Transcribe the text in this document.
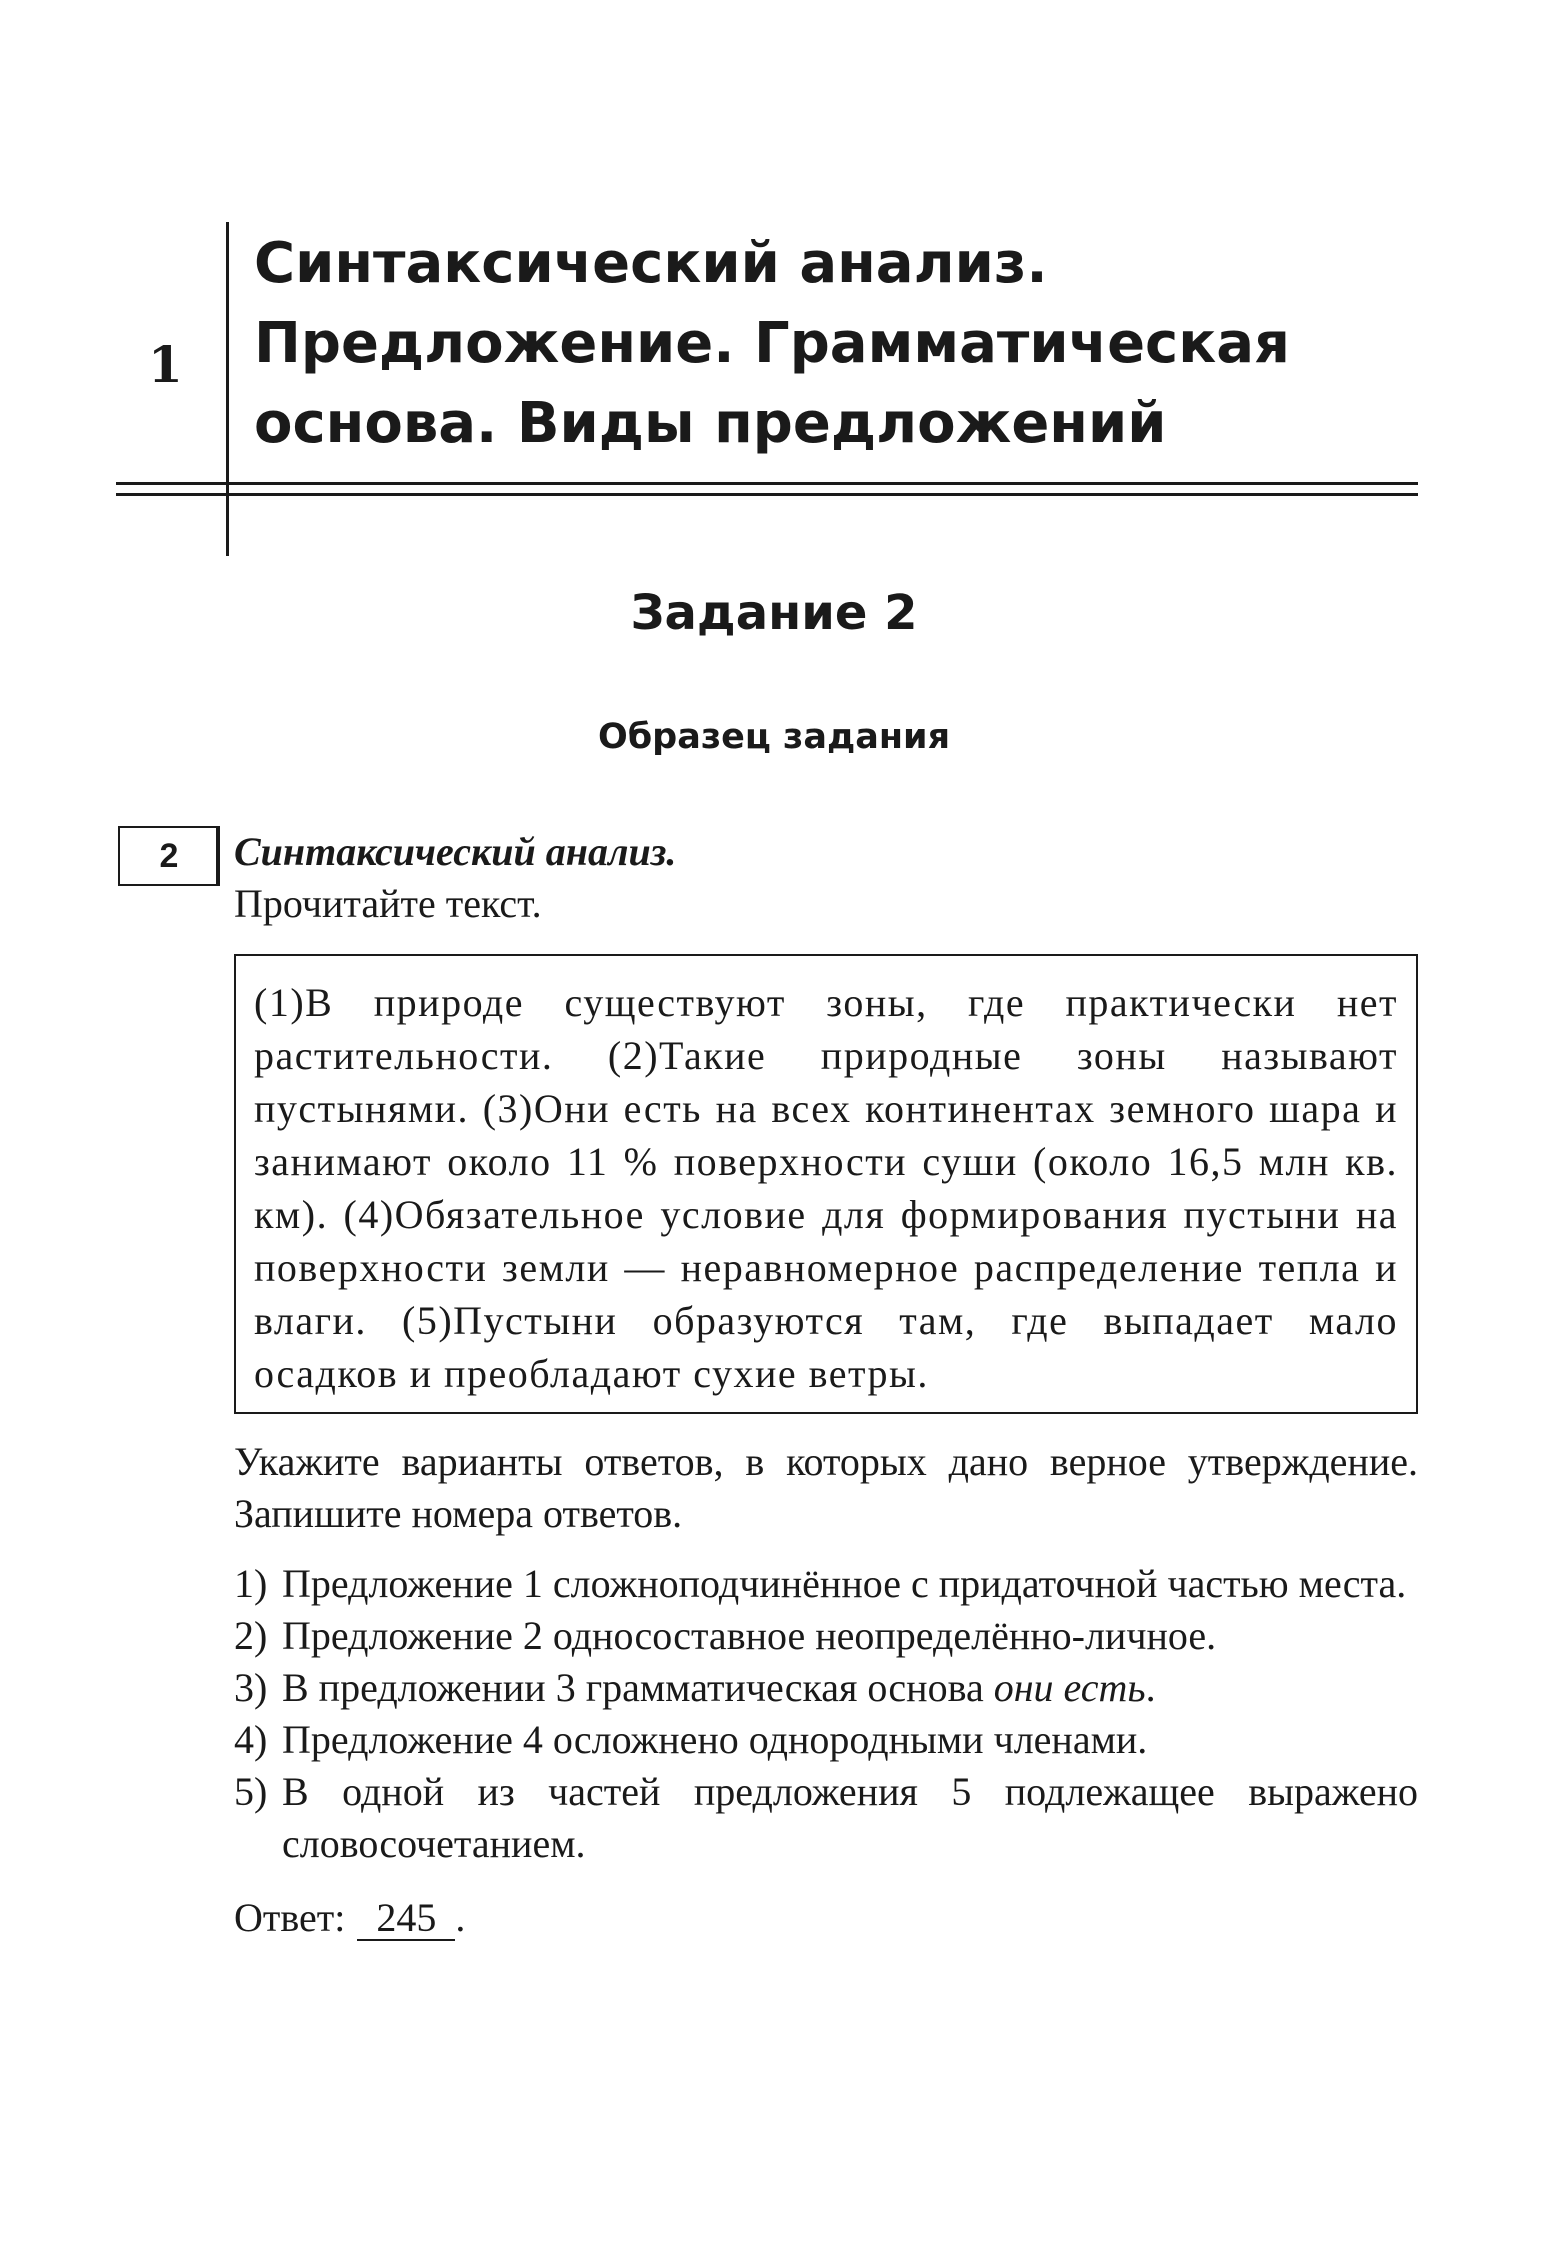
1
Синтаксический анализ.
Предложение. Грамматическая
основа. Виды предложений
Задание 2
Образец задания
2	Синтаксический анализ.
Прочитайте текст.
(1)В природе существуют зоны, где практически нет растительности. (2)Такие природные зоны называют пустынями. (3)Они есть на всех континентах земного шара и занимают около 11 % поверхности суши (около 16,5 млн кв. км). (4)Обязательное условие для формирования пустыни на поверхности земли — неравномерное распределение тепла и влаги. (5)Пустыни образуются там, где выпадает мало осадков и преобладают сухие ветры.
Укажите варианты ответов, в которых дано верное утверждение. Запишите номера ответов.
1) Предложение 1 сложноподчинённое с придаточной частью места.
2) Предложение 2 односоставное неопределённо-личное.
3) В предложении 3 грамматическая основа они есть.
4) Предложение 4 осложнено однородными членами.
5) В одной из частей предложения 5 подлежащее выражено словосочетанием.
Ответ: 245 .
